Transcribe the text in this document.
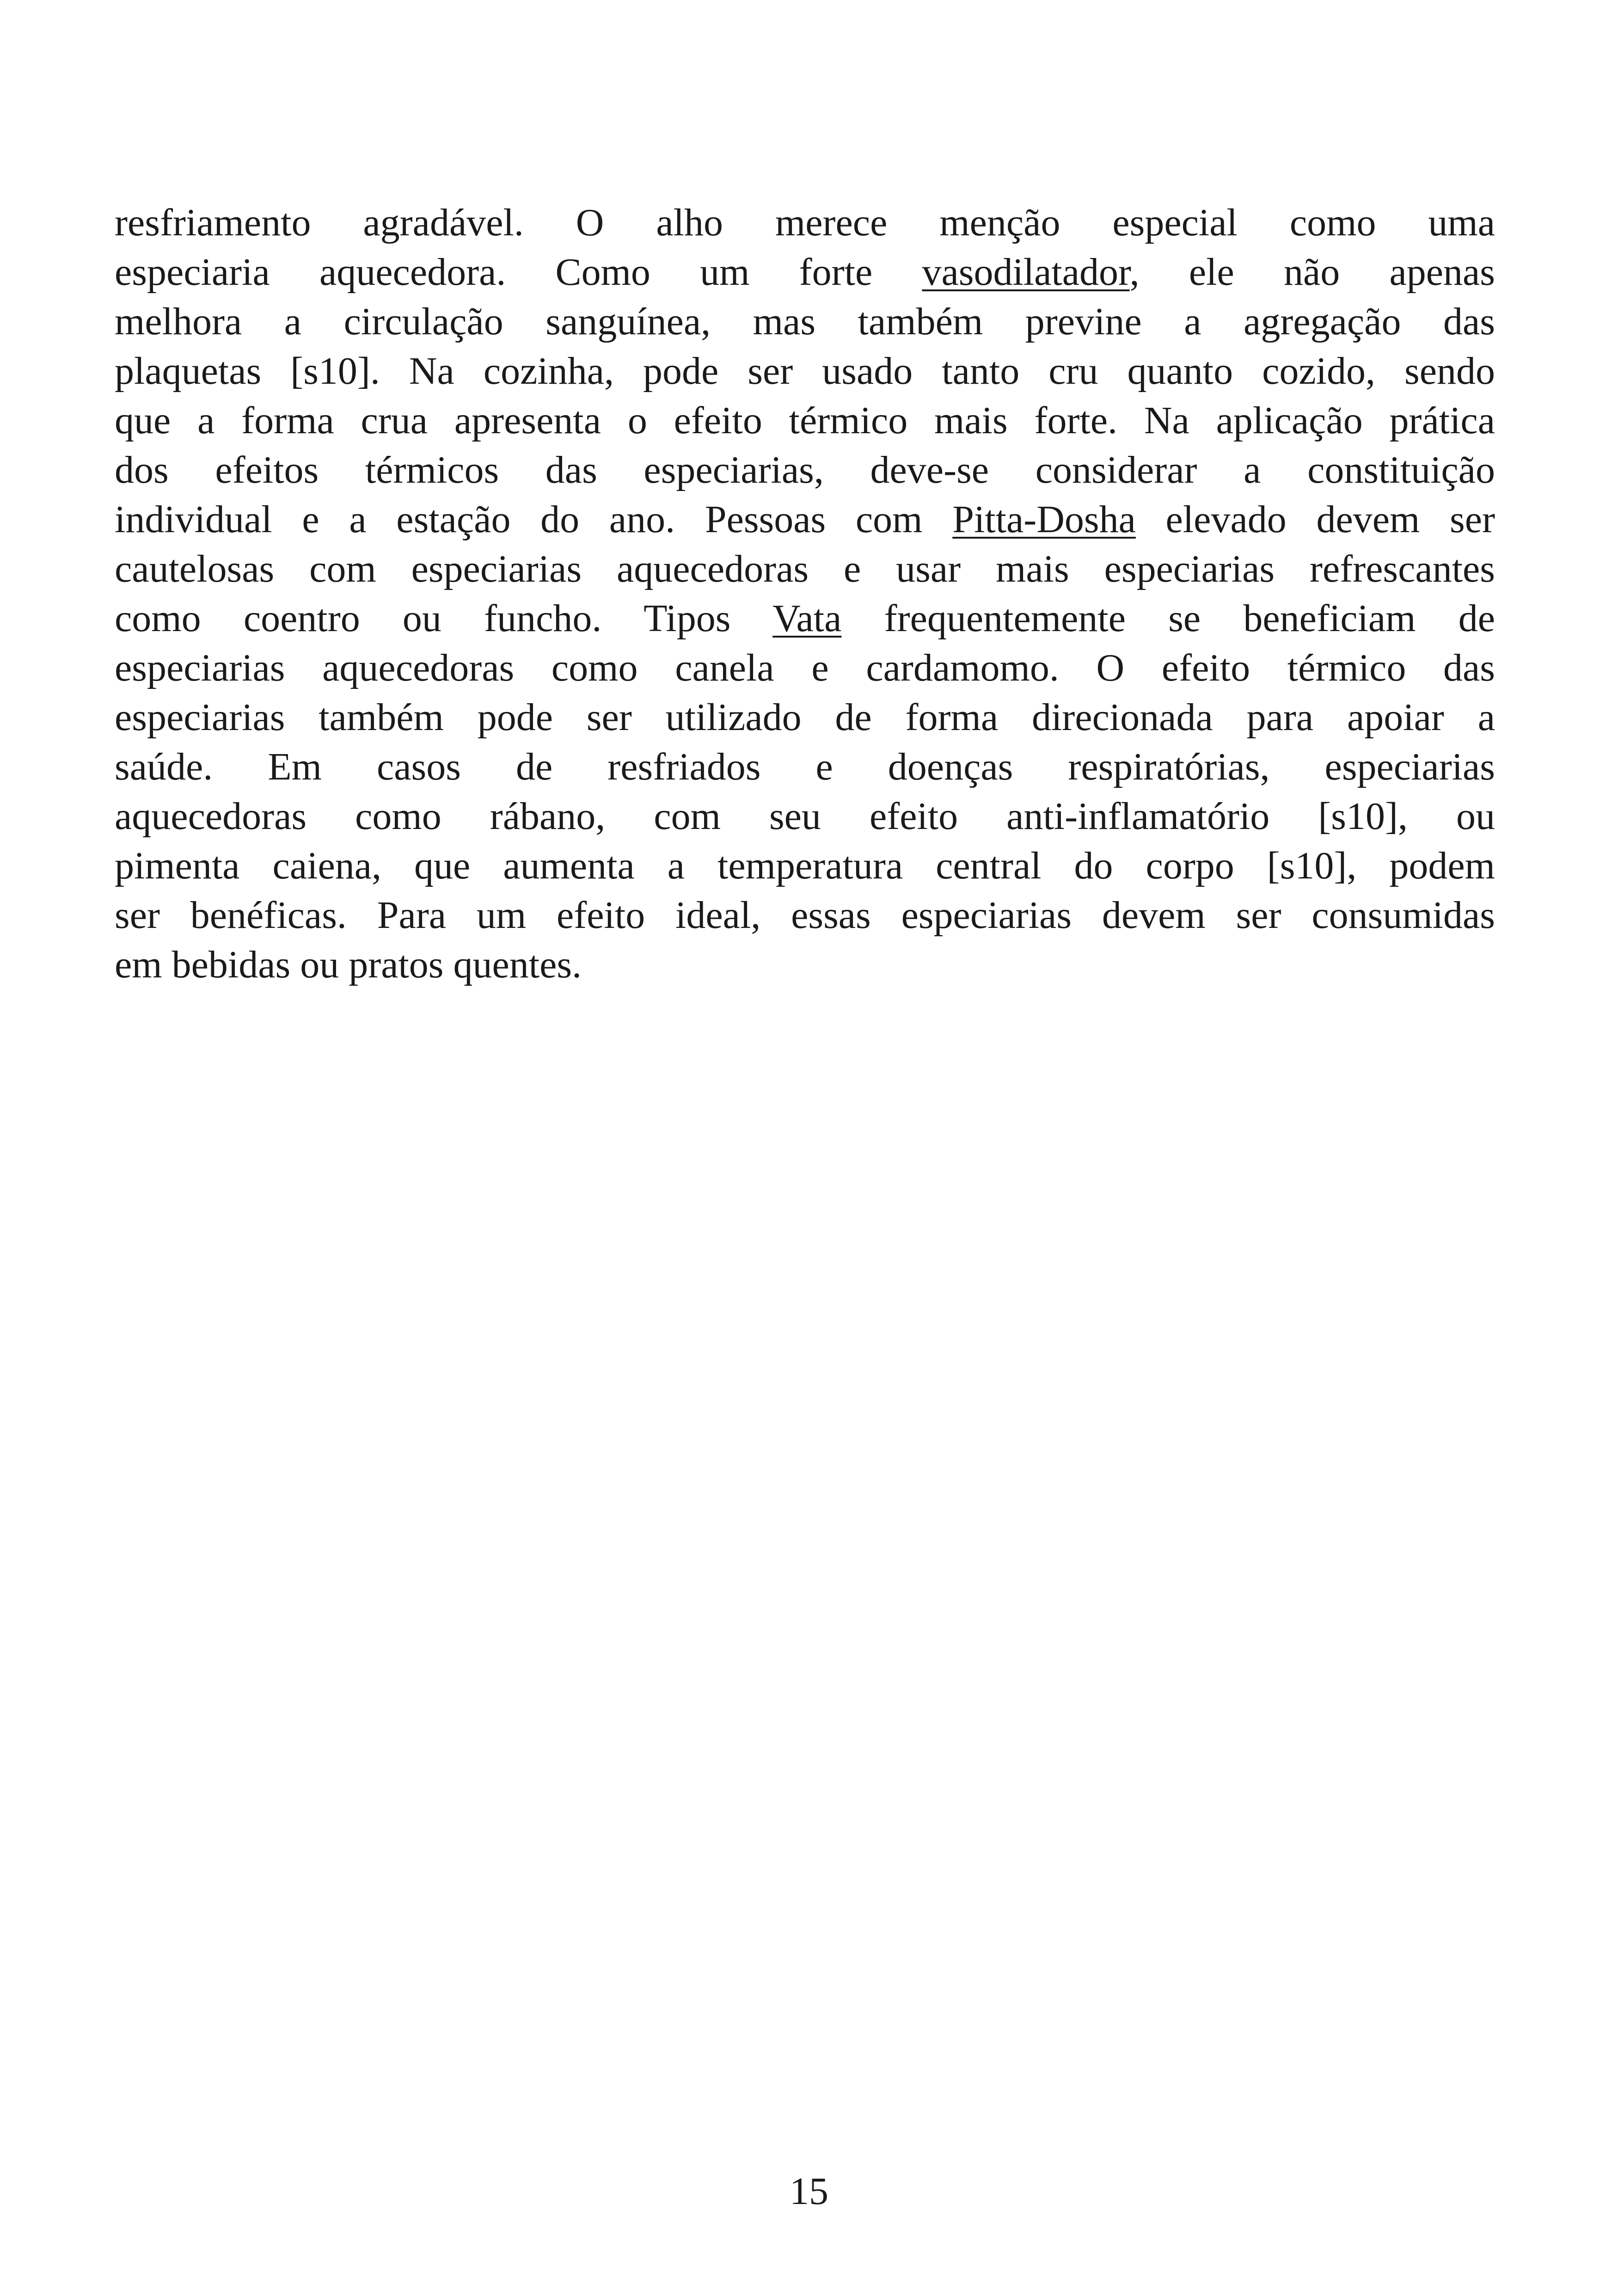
resfriamento agradável. O alho merece menção especial como uma
especiaria aquecedora. Como um forte vasodilatador, ele não apenas
melhora a circulação sanguínea, mas também previne a agregação das
plaquetas [s10]. Na cozinha, pode ser usado tanto cru quanto cozido, sendo
que a forma crua apresenta o efeito térmico mais forte. Na aplicação prática
dos efeitos térmicos das especiarias, deve-se considerar a constituição
individual e a estação do ano. Pessoas com Pitta-Dosha elevado devem ser
cautelosas com especiarias aquecedoras e usar mais especiarias refrescantes
como coentro ou funcho. Tipos Vata frequentemente se beneficiam de
especiarias aquecedoras como canela e cardamomo. O efeito térmico das
especiarias também pode ser utilizado de forma direcionada para apoiar a
saúde. Em casos de resfriados e doenças respiratórias, especiarias
aquecedoras como rábano, com seu efeito anti-inflamatório [s10], ou
pimenta caiena, que aumenta a temperatura central do corpo [s10], podem
ser benéficas. Para um efeito ideal, essas especiarias devem ser consumidas
em bebidas ou pratos quentes.
15
